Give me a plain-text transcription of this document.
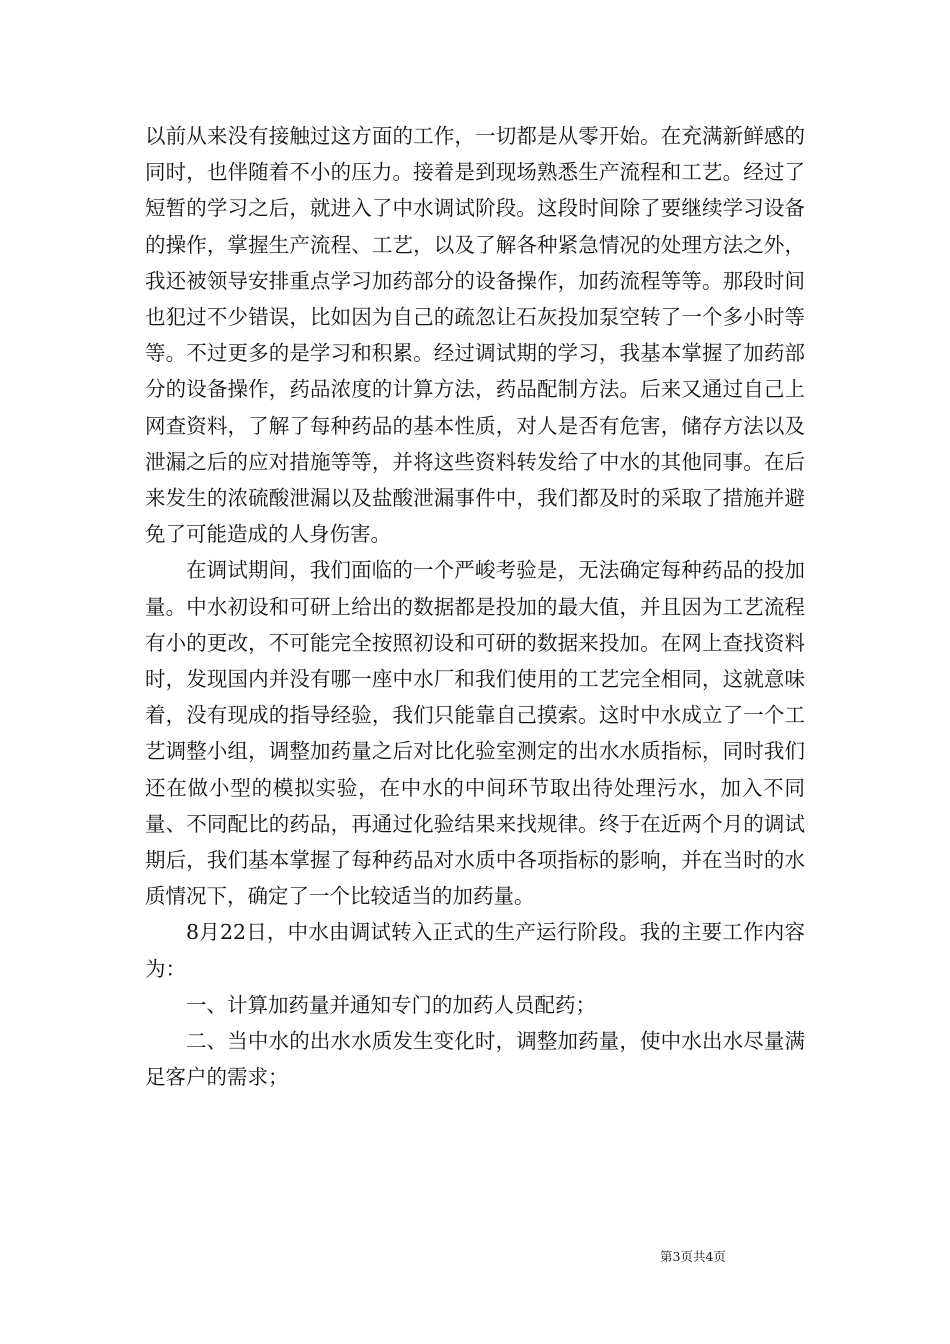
以前从来没有接触过这方面的工作，一切都是从零开始。在充满新鲜感的同时，也伴随着不小的压力。接着是到现场熟悉生产流程和工艺。经过了短暂的学习之后，就进入了中水调试阶段。这段时间除了要继续学习设备的操作，掌握生产流程、工艺，以及了解各种紧急情况的处理方法之外，我还被领导安排重点学习加药部分的设备操作，加药流程等等。那段时间也犯过不少错误，比如因为自己的疏忽让石灰投加泵空转了一个多小时等等。不过更多的是学习和积累。经过调试期的学习，我基本掌握了加药部分的设备操作，药品浓度的计算方法，药品配制方法。后来又通过自己上网查资料，了解了每种药品的基本性质，对人是否有危害，储存方法以及泄漏之后的应对措施等等，并将这些资料转发给了中水的其他同事。在后来发生的浓硫酸泄漏以及盐酸泄漏事件中，我们都及时的采取了措施并避免了可能造成的人身伤害。

在调试期间，我们面临的一个严峻考验是，无法确定每种药品的投加量。中水初设和可研上给出的数据都是投加的最大值，并且因为工艺流程有小的更改，不可能完全按照初设和可研的数据来投加。在网上查找资料时，发现国内并没有哪一座中水厂和我们使用的工艺完全相同，这就意味着，没有现成的指导经验，我们只能靠自己摸索。这时中水成立了一个工艺调整小组，调整加药量之后对比化验室测定的出水水质指标，同时我们还在做小型的模拟实验，在中水的中间环节取出待处理污水，加入不同量、不同配比的药品，再通过化验结果来找规律。终于在近两个月的调试期后，我们基本掌握了每种药品对水质中各项指标的影响，并在当时的水质情况下，确定了一个比较适当的加药量。

8月22日，中水由调试转入正式的生产运行阶段。我的主要工作内容为：

一、计算加药量并通知专门的加药人员配药；

二、当中水的出水水质发生变化时，调整加药量，使中水出水尽量满足客户的需求；

第3页共4页
